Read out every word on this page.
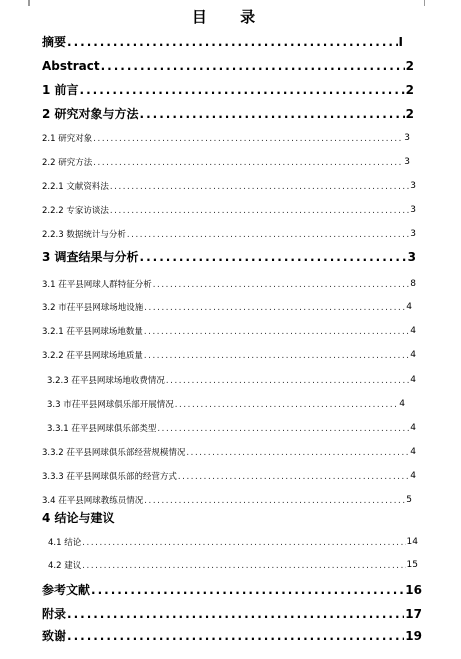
目 录
摘要 .....	I
Abstract .....	2
1 前言 .....	2
2 研究对象与方法 .....	2
2.1 研究对象 .....	3
2.2 研究方法 .....	3
2.2.1 文献资料法 .....	3
2.2.2 专家访谈法 .....	3
2.2.3 数据统计与分析 .....	3
3 调查结果与分析 .....	3
3.1 茌平县网球人群特征分析 .....	8
3.2 市茌平县网球场地设施 .....	4
3.2.1 茌平县网球场地数量 .....	4
3.2.2 茌平县网球场地质量 .....	4
3.2.3 茌平县网球场地收费情况 .....	4
3.3 市茌平县网球俱乐部开展情况 .....	4
3.3.1 茌平县网球俱乐部类型 .....	4
3.3.2 茌平县网球俱乐部经营规模情况 .....	4
3.3.3 茌平县网球俱乐部的经营方式 .....	4
3.4 茌平县网球教练员情况 .....	5
4 结论与建议
4.1 结论 .....	14
4.2 建议 .....	15
参考文献 .....	16
附录 .....	17
致谢 .....	19
